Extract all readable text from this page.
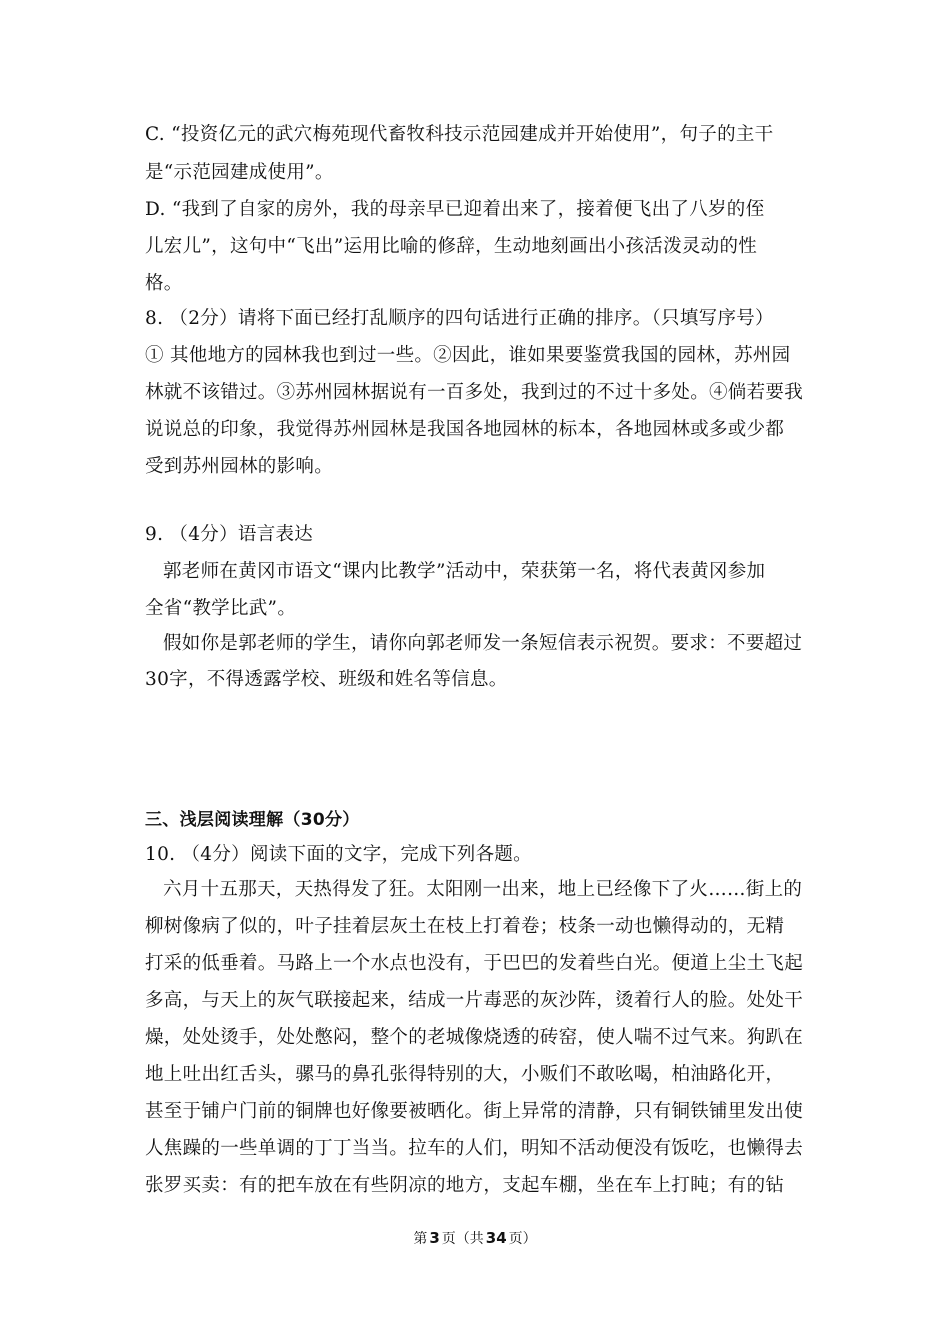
C. “投资亿元的武穴梅苑现代畜牧科技示范园建成并开始使用”，句子的主干
是“示范园建成使用”。
D. “我到了自家的房外，我的母亲早已迎着出来了，接着便飞出了八岁的侄
儿宏儿”，这句中“飞出”运用比喻的修辞，生动地刻画出小孩活泼灵动的性
格。
8. （2分）请将下面已经打乱顺序的四句话进行正确的排序。（只填写序号）
① 其他地方的园林我也到过一些。②因此，谁如果要鉴赏我国的园林，苏州园
林就不该错过。③苏州园林据说有一百多处，我到过的不过十多处。④倘若要我
说说总的印象，我觉得苏州园林是我国各地园林的标本，各地园林或多或少都
受到苏州园林的影响。
9. （4分）语言表达
郭老师在黄冈市语文“课内比教学”活动中，荣获第一名，将代表黄冈参加
全省“教学比武”。
假如你是郭老师的学生，请你向郭老师发一条短信表示祝贺。要求：不要超过
30字，不得透露学校、班级和姓名等信息。
三、浅层阅读理解（30分）
10. （4分）阅读下面的文字，完成下列各题。
六月十五那天，天热得发了狂。太阳刚一出来，地上已经像下了火……街上的
柳树像病了似的，叶子挂着层灰土在枝上打着卷；枝条一动也懒得动的，无精
打采的低垂着。马路上一个水点也没有，于巴巴的发着些白光。便道上尘土飞起
多高，与天上的灰气联接起来，结成一片毒恶的灰沙阵，烫着行人的脸。处处干
燥，处处烫手，处处憋闷，整个的老城像烧透的砖窑，使人喘不过气来。狗趴在
地上吐出红舌头，骡马的鼻孔张得特别的大，小贩们不敢吆喝，柏油路化开，
甚至于铺户门前的铜牌也好像要被晒化。街上异常的清静，只有铜铁铺里发出使
人焦躁的一些单调的丁丁当当。拉车的人们，明知不活动便没有饭吃，也懒得去
张罗买卖：有的把车放在有些阴凉的地方，支起车棚，坐在车上打盹；有的钻
第 3 页（共 34 页）
